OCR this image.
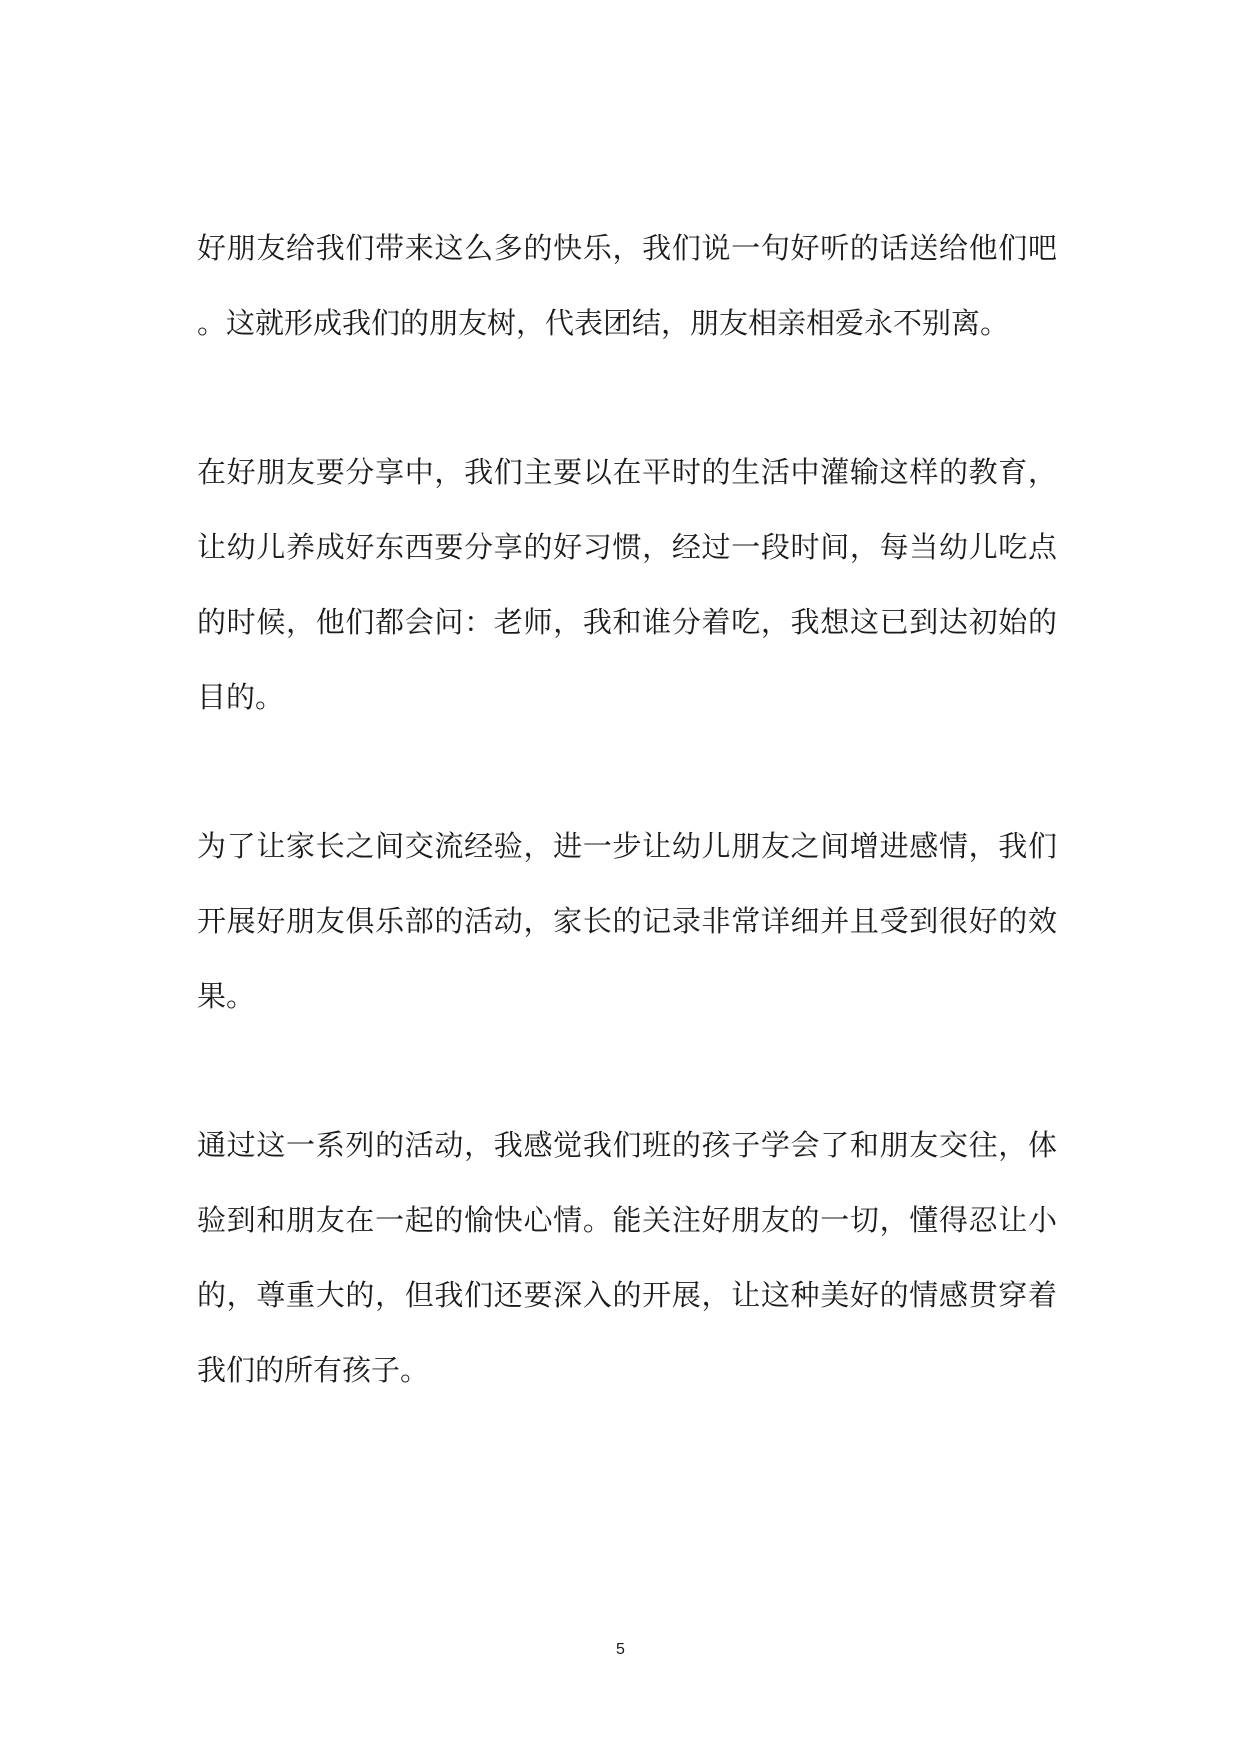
好朋友给我们带来这么多的快乐，我们说一句好听的话送给他们吧
。这就形成我们的朋友树，代表团结，朋友相亲相爱永不别离。
在好朋友要分享中，我们主要以在平时的生活中灌输这样的教育，
让幼儿养成好东西要分享的好习惯，经过一段时间，每当幼儿吃点
的时候，他们都会问：老师，我和谁分着吃，我想这已到达初始的
目的。
为了让家长之间交流经验，进一步让幼儿朋友之间增进感情，我们
开展好朋友俱乐部的活动，家长的记录非常详细并且受到很好的效
果。
通过这一系列的活动，我感觉我们班的孩子学会了和朋友交往，体
验到和朋友在一起的愉快心情。能关注好朋友的一切，懂得忍让小
的，尊重大的，但我们还要深入的开展，让这种美好的情感贯穿着
我们的所有孩子。
5
